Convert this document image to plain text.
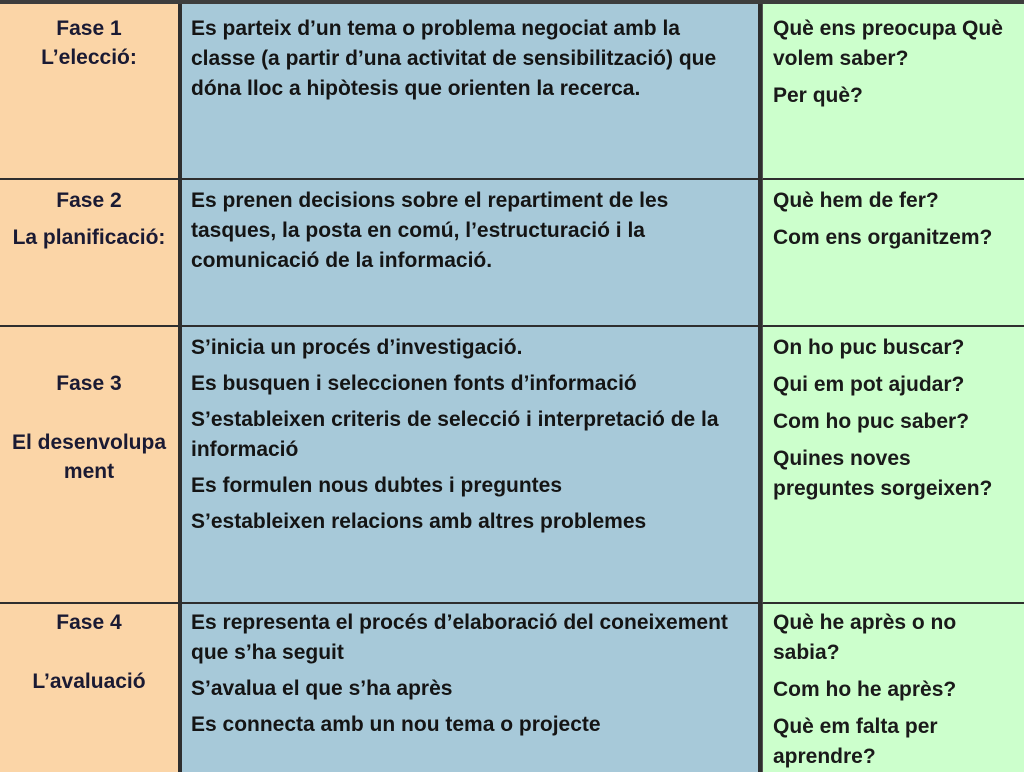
Fase 1
L’elecció:

Es parteix d’un tema o problema negociat amb la classe (a partir d’una activitat de sensibilització) que dóna lloc a hipòtesis que orienten la recerca.

Què ens preocupa Què volem saber?

Per què?

Fase 2
La planificació:

Es prenen decisions sobre el repartiment de les tasques, la posta en comú, l’estructuració i la comunicació de la informació.

Què hem de fer?

Com ens organitzem?

Fase 3
El desenvolupament

S’inicia un procés d’investigació.

Es busquen i seleccionen fonts d’informació

S’estableixen criteris de selecció i interpretació de la informació

Es formulen nous dubtes i preguntes

S’estableixen relacions amb altres problemes

On ho puc buscar?

Qui em pot ajudar?

Com ho puc saber?

Quines noves preguntes sorgeixen?

Fase 4
L’avaluació

Es representa el procés d’elaboració del coneixement que s’ha seguit

S’avalua el que s’ha après

Es connecta amb un nou tema o projecte

Què he après o no sabia?

Com ho he après?

Què em falta per aprendre?
